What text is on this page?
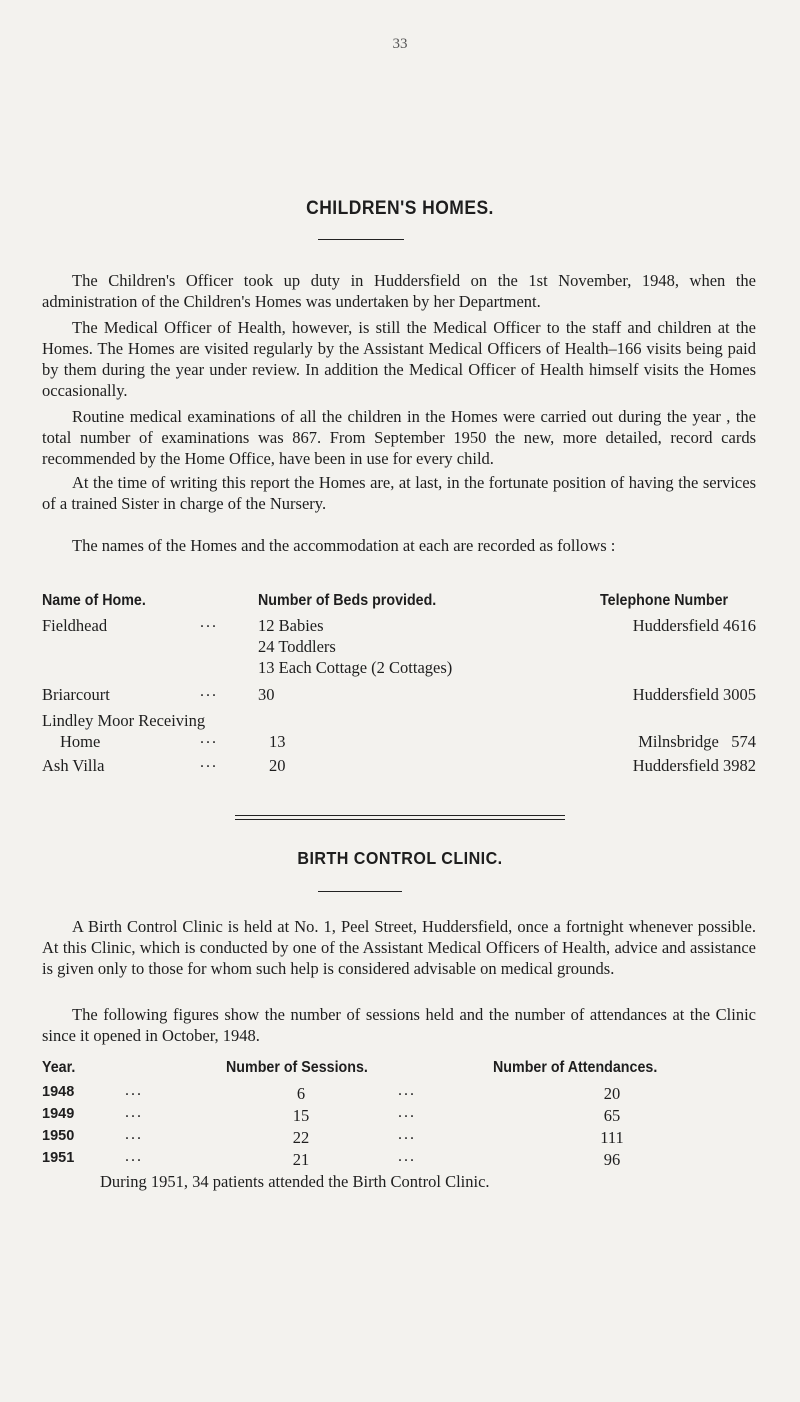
33
CHILDREN'S HOMES.

The Children's Officer took up duty in Huddersfield on the 1st November, 1948, when the administration of the Children's Homes was undertaken by her Department.

The Medical Officer of Health, however, is still the Medical Officer to the staff and children at the Homes. The Homes are visited regularly by the Assistant Medical Officers of Health–166 visits being paid by them during the year under review. In addition the Medical Officer of Health himself visits the Homes occasionally.

Routine medical examinations of all the children in the Homes were carried out during the year , the total number of examinations was 867. From September 1950 the new, more detailed, record cards recommended by the Home Office, have been in use for every child.

At the time of writing this report the Homes are, at last, in the fortunate position of having the services of a trained Sister in charge of the Nursery.

The names of the Homes and the accommodation at each are recorded as follows :

Name of Home.	Number of Beds provided.	Telephone Number
Fieldhead	... 12 Babies	Huddersfield 4616
24 Toddlers
13 Each Cottage (2 Cottages)
Briarcourt	... 30	Huddersfield 3005
Lindley Moor Receiving
Home	...	13	Milnsbridge   574
Ash Villa	...	20	Huddersfield 3982
BIRTH CONTROL CLINIC.

A Birth Control Clinic is held at No. 1, Peel Street, Huddersfield, once a fortnight whenever possible. At this Clinic, which is conducted by one of the Assistant Medical Officers of Health, advice and assistance is given only to those for whom such help is considered advisable on medical grounds.

The following figures show the number of sessions held and the number of attendances at the Clinic since it opened in October, 1948.

Year.	Number of Sessions.	Number of Attendances.
1948	...	6	...	20
1949	...	15	...	65
1950	...	22	...	111
1951	...	21	...	96
During 1951, 34 patients attended the Birth Control Clinic.
